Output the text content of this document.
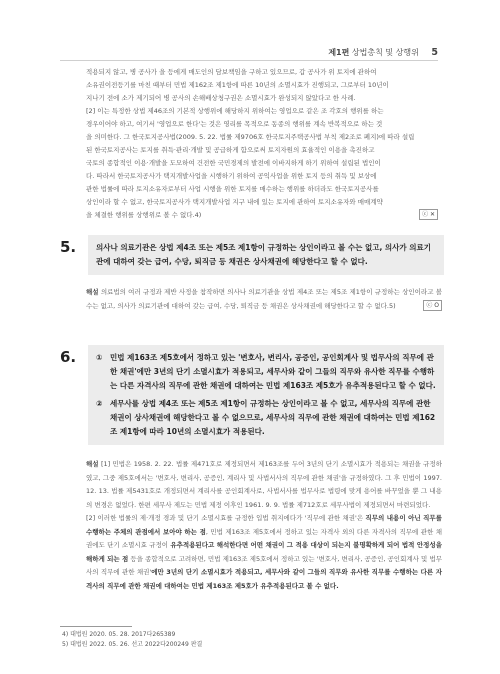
제1편 상법총칙 및 상행위 5

적용되지 않고, 병 공사가 을 등에게 매도인의 담보책임을 구하고 있으므로, 갑 공사가 위 토지에 관하여

소유권이전등기를 마친 때부터 민법 제162조 제1항에 따른 10년의 소멸시효가 진행되고, 그로부터 10년이

지나기 전에 소가 제기되어 병 공사의 손해배상청구권은 소멸시효가 완성되지 않았다고 한 사례.

[2] 이는 특정한 상법 제46조의 기본적 상행위에 해당하지 위하여는 영업으로 같은 조 각호의 행위를 하는

경우이어야 하고, 여기서 '영업으로 한다'는 것은 영리를 목적으로 동종의 행위를 계속 반복적으로 하는 것

을 의미한다. 그 한국토지공사법(2009. 5. 22. 법률 제9706호 한국토지주택공사법 부칙 제2조로 폐지)에 따라 설립

된 한국토지공사는 토지를 취득·관리·개발 및 공급하게 함으로써 토지자원의 효율적인 이용을 촉진하고

국토의 종합적인 이용·개발을 도모하여 건전한 국민경제의 발전에 이바지하게 하기 위하여 설립된 법인이

다. 따라서 한국토지공사가 택지개발사업을 시행하기 위하여 공익사업을 위한 토지 등의 취득 및 보상에

관한 법률에 따라 토지소유자로부터 사업 시행을 위한 토지를 매수하는 행위를 하더라도 한국토지공사를

상인이라 할 수 없고, 한국토지공사가 택지개발사업 지구 내에 있는 토지에 관하여 토지소유자와 매매계약

을 체결한 행위를 상행위로 볼 수 없다.4)	ⓒ ✕

5.	의사나 의료기관은 상법 제4조 또는 제5조 제1항이 규정하는 상인이라고 볼 수는 없고, 의사가 의료기관에 대하여 갖는 급여, 수당, 퇴직금 등 채권은 상사채권에 해당한다고 할 수 없다.

해설 의료법의 여러 규정과 제반 사정을 참작하면 의사나 의료기관을 상법 제4조 또는 제5조 제1항이 규정하는 상인이라고 볼 수는 없고, 의사가 의료기관에 대하여 갖는 급여, 수당, 퇴직금 등 채권은 상사채권에 해당한다고 할 수 없다.5)	ⓒ O

6.	① 민법 제163조 제5호에서 정하고 있는 '변호사, 변리사, 공증인, 공인회계사 및 법무사의 직무에 관한 채권'에만 3년의 단기 소멸시효가 적용되고, 세무사와 같이 그들의 직무와 유사한 직무를 수행하는 다른 자격사의 직무에 관한 채권에 대하여는 민법 제163조 제5호가 유추적용된다고 할 수 없다.
② 세무사를 상법 제4조 또는 제5조 제1항이 규정하는 상인이라고 볼 수 없고, 세무사의 직무에 관한 채권이 상사채권에 해당한다고 볼 수 없으므로, 세무사의 직무에 관한 채권에 대하여는 민법 제162조 제1항에 따라 10년의 소멸시효가 적용된다.

해설 [1] 민법은 1958. 2. 22. 법률 제471호로 제정되면서 제163조를 두어 3년의 단기 소멸시효가 적용되는 채권을 규정하였고, 그중 제5호에서는 '변호사, 변리사, 공증인, 계리사 및 사법서사의 직무에 관한 채권'을 규정하였다. 그 후 민법이 1997. 12. 13. 법률 제5431호로 개정되면서 계리사를 공인회계사로, 사법서사를 법무사로 법령에 맞게 용어를 바꾸었을 뿐 그 내용의 변경은 없었다. 한편 세무사 제도는 민법 제정 이후인 1961. 9. 9. 법률 제712호로 세무사법이 제정되면서 마련되었다.

[2] 이러한 법률의 제·개정 경과 및 단기 소멸시효를 규정한 입법 취지에다가 '직무에 관한 채권'은 직무의 내용이 아닌 직무를 수행하는 주체의 관점에서 보아야 하는 점, 민법 제163조 제5호에서 정하고 있는 자격사 외의 다른 자격사의 직무에 관한 채권에도 단기 소멸시효 규정이 유추적용된다고 해석한다면 어떤 채권이 그 적용 대상이 되는지 불명확하게 되어 법적 안정성을 해하게 되는 점 등을 종합적으로 고려하면, 민법 제163조 제5호에서 정하고 있는 '변호사, 변리사, 공증인, 공인회계사 및 법무사의 직무에 관한 채권'에만 3년의 단기 소멸시효가 적용되고, 세무사와 같이 그들의 직무와 유사한 직무를 수행하는 다른 자격사의 직무에 관한 채권에 대하여는 민법 제163조 제5호가 유추적용된다고 볼 수 없다.

4) 대법원 2020. 05. 28. 2017다265389
5) 대법원 2022. 05. 26. 선고 2022다200249 판결
